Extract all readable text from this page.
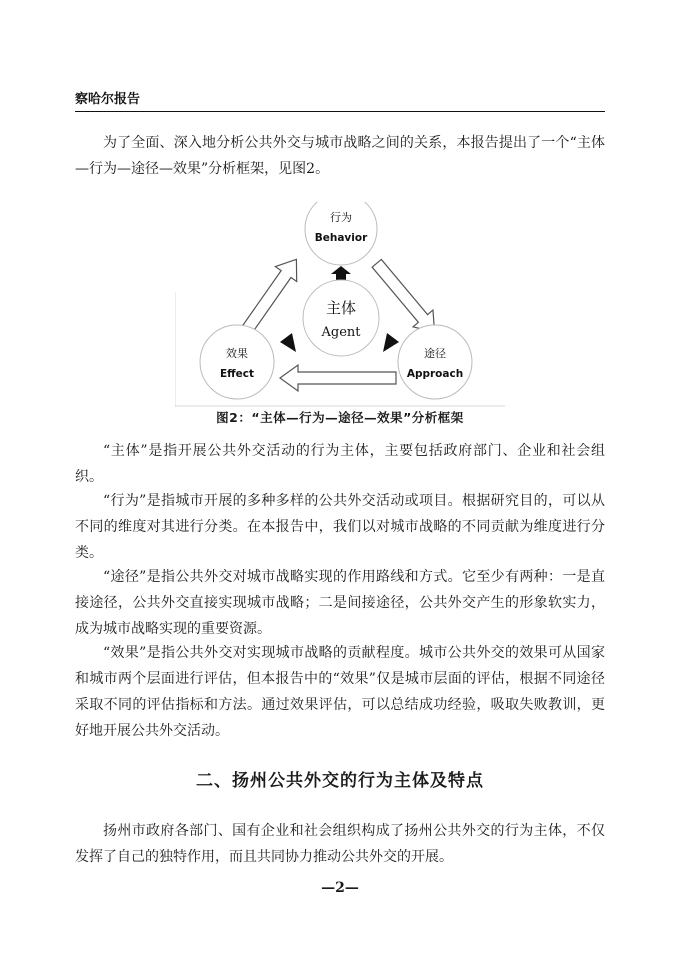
察哈尔报告

为了全面、深入地分析公共外交与城市战略之间的关系，本报告提出了一个“主体—行为—途径—效果”分析框架，见图2。

行为
Behavior
主体
Agent
效果
Effect
途径
Approach
图2：“主体—行为—途径—效果”分析框架

“主体”是指开展公共外交活动的行为主体，主要包括政府部门、企业和社会组织。

“行为”是指城市开展的多种多样的公共外交活动或项目。根据研究目的，可以从不同的维度对其进行分类。在本报告中，我们以对城市战略的不同贡献为维度进行分类。

“途径”是指公共外交对城市战略实现的作用路线和方式。它至少有两种：一是直接途径，公共外交直接实现城市战略；二是间接途径，公共外交产生的形象软实力，成为城市战略实现的重要资源。

“效果”是指公共外交对实现城市战略的贡献程度。城市公共外交的效果可从国家和城市两个层面进行评估，但本报告中的“效果”仅是城市层面的评估，根据不同途径采取不同的评估指标和方法。通过效果评估，可以总结成功经验，吸取失败教训，更好地开展公共外交活动。

二、扬州公共外交的行为主体及特点

扬州市政府各部门、国有企业和社会组织构成了扬州公共外交的行为主体，不仅发挥了自己的独特作用，而且共同协力推动公共外交的开展。

—2—
